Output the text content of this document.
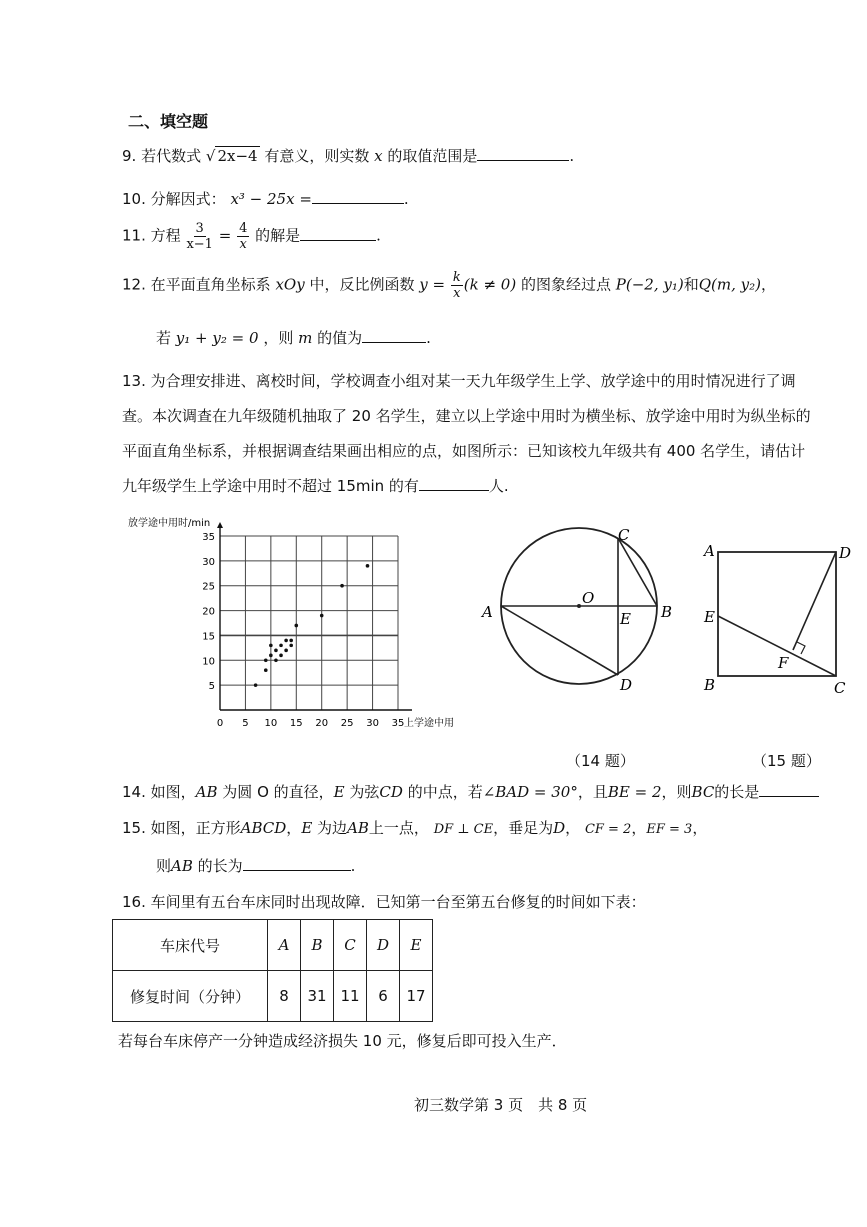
二、填空题
9. 若代数式 √ 2x−4 有意义，则实数 x 的取值范围是	.
10. 分解因式： x³ − 25x =	.
11. 方程 $\frac{3}{x-1} = \frac{4}{x}$ 的解是	.
12. 在平面直角坐标系 xOy 中，反比例函数 $y = \frac{k}{x} (k \ne 0)$ 的图象经过点 P(−2, y₁)和Q(m, y₂)，
若 y₁ + y₂ = 0 ，则 m 的值为	.
13. 为合理安排进、离校时间，学校调查小组对某一天九年级学生上学、放学途中的用时情况进行了调
查。本次调查在九年级随机抽取了 20 名学生，建立以上学途中用时为横坐标、放学途中用时为纵坐标的
平面直角坐标系，并根据调查结果画出相应的点，如图所示：已知该校九年级共有 400 名学生，请估计
九年级学生上学途中用时不超过 15min 的有	人.
0 5 10 15 20 25 30 35
5
10
15
20
25
30
35
放学途中用时/min
上学途中用
C
O
A	E B
D
A	D
E
F
B	C
（14 题）	（15 题）
14. 如图，AB 为圆 O 的直径，E 为弦CD 的中点，若∠BAD = 30°，且BE = 2，则BC的长是
15. 如图，正方形ABCD，E 为边AB上一点， DF ⊥ CE，垂足为D， CF = 2，EF = 3，
则AB 的长为	.
16. 车间里有五台车床同时出现故障．已知第一台至第五台修复的时间如下表：
车床代号	A	B	C	D	E
修复时间（分钟）	8	31	11	6	17
若每台车床停产一分钟造成经济损失 10 元，修复后即可投入生产．
初三数学第 3 页　共 8 页
